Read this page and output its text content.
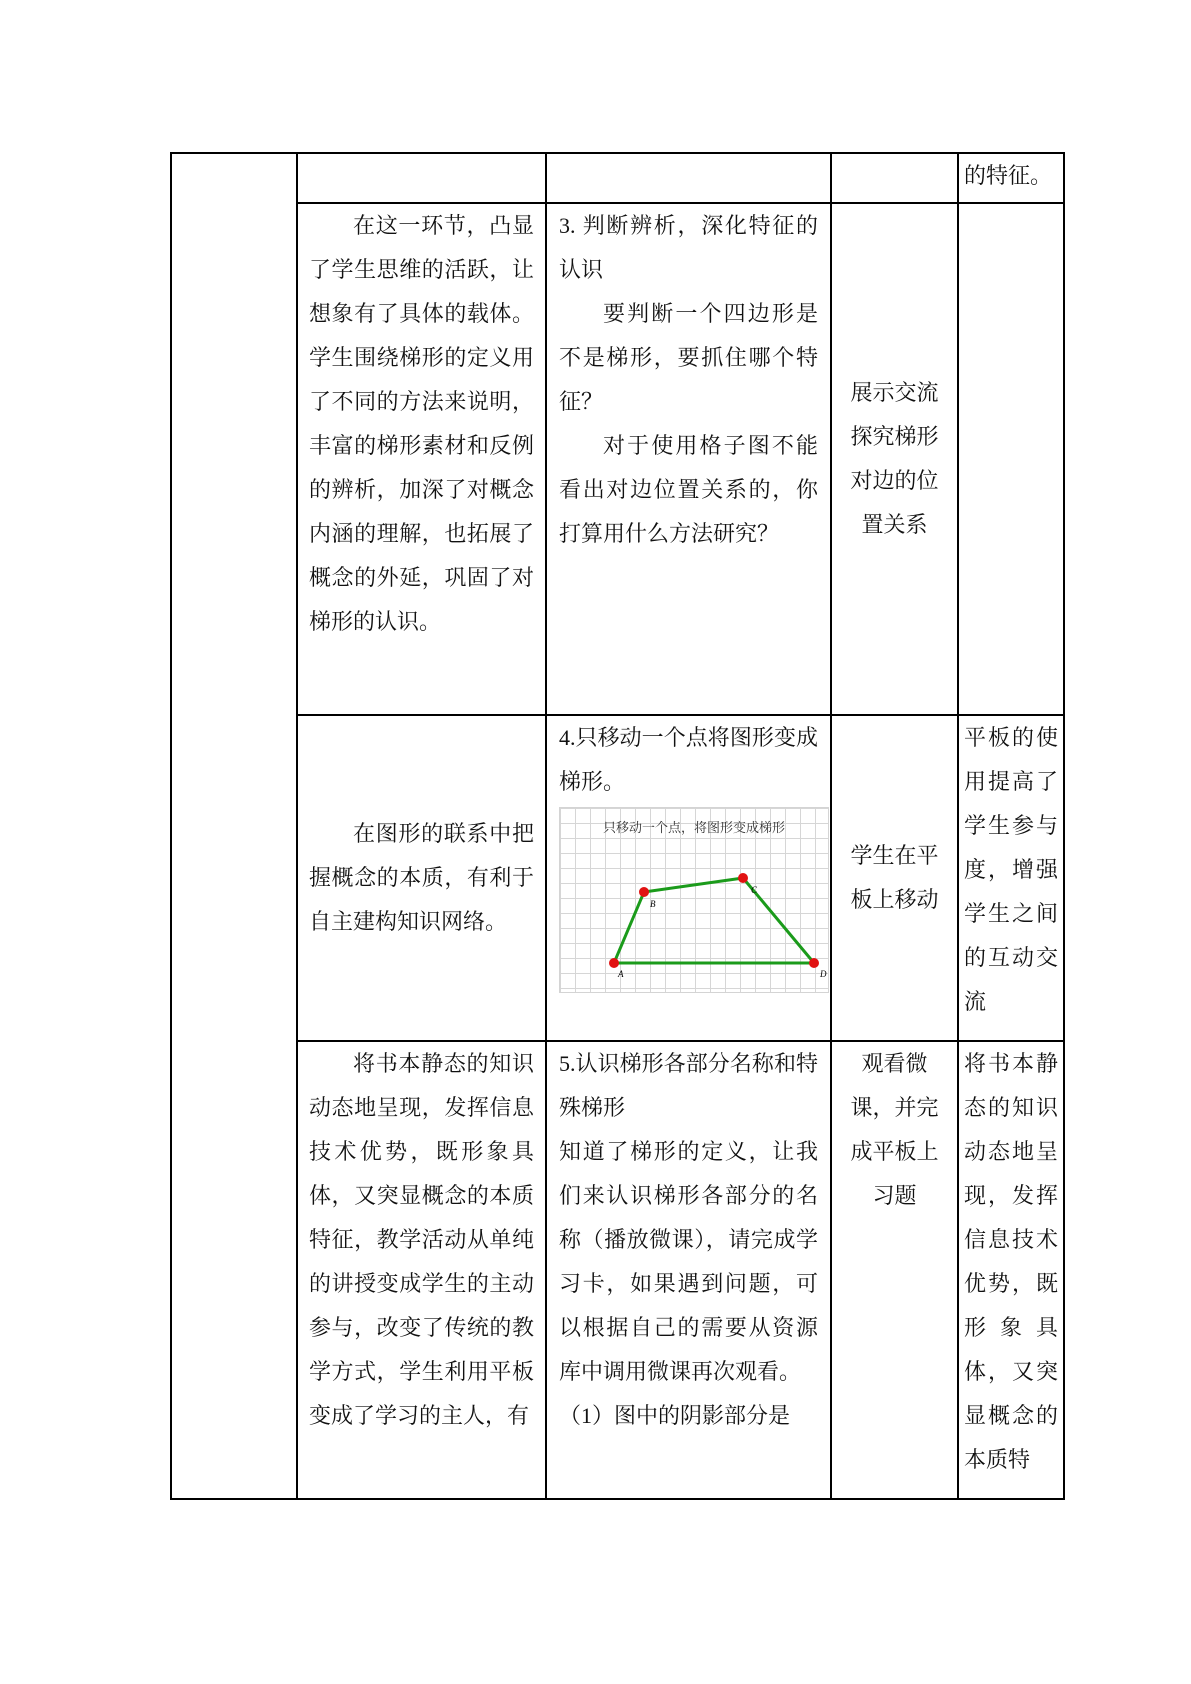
的特征。

在这一环节，凸显了学生思维的活跃，让想象有了具体的载体。学生围绕梯形的定义用了不同的方法来说明，丰富的梯形素材和反例的辨析，加深了对概念内涵的理解，也拓展了概念的外延，巩固了对梯形的认识。

3. 判断辨析，深化特征的认识

要判断一个四边形是不是梯形，要抓住哪个特征？

对于使用格子图不能看出对边位置关系的，你打算用什么方法研究？

展示交流探究梯形对边的位置关系

在图形的联系中把握概念的本质，有利于自主建构知识网络。

4.只移动一个点将图形变成梯形。

A
B
C
D
只移动一个点，将图形变成梯形

学生在平板上移动

平板的使用提高了学生参与度，增强学生之间的互动交流

将书本静态的知识动态地呈现，发挥信息技术优势，既形象具体，又突显概念的本质特征，教学活动从单纯的讲授变成学生的主动参与，改变了传统的教学方式，学生利用平板变成了学习的主人，有

5.认识梯形各部分名称和特殊梯形

知道了梯形的定义，让我们来认识梯形各部分的名称（播放微课），请完成学习卡，如果遇到问题，可以根据自己的需要从资源库中调用微课再次观看。

（1）图中的阴影部分是

观看微课，并完成平板上习题

将书本静态的知识动态地呈现，发挥信息技术优势，既形象具体，又突显概念的本质特
